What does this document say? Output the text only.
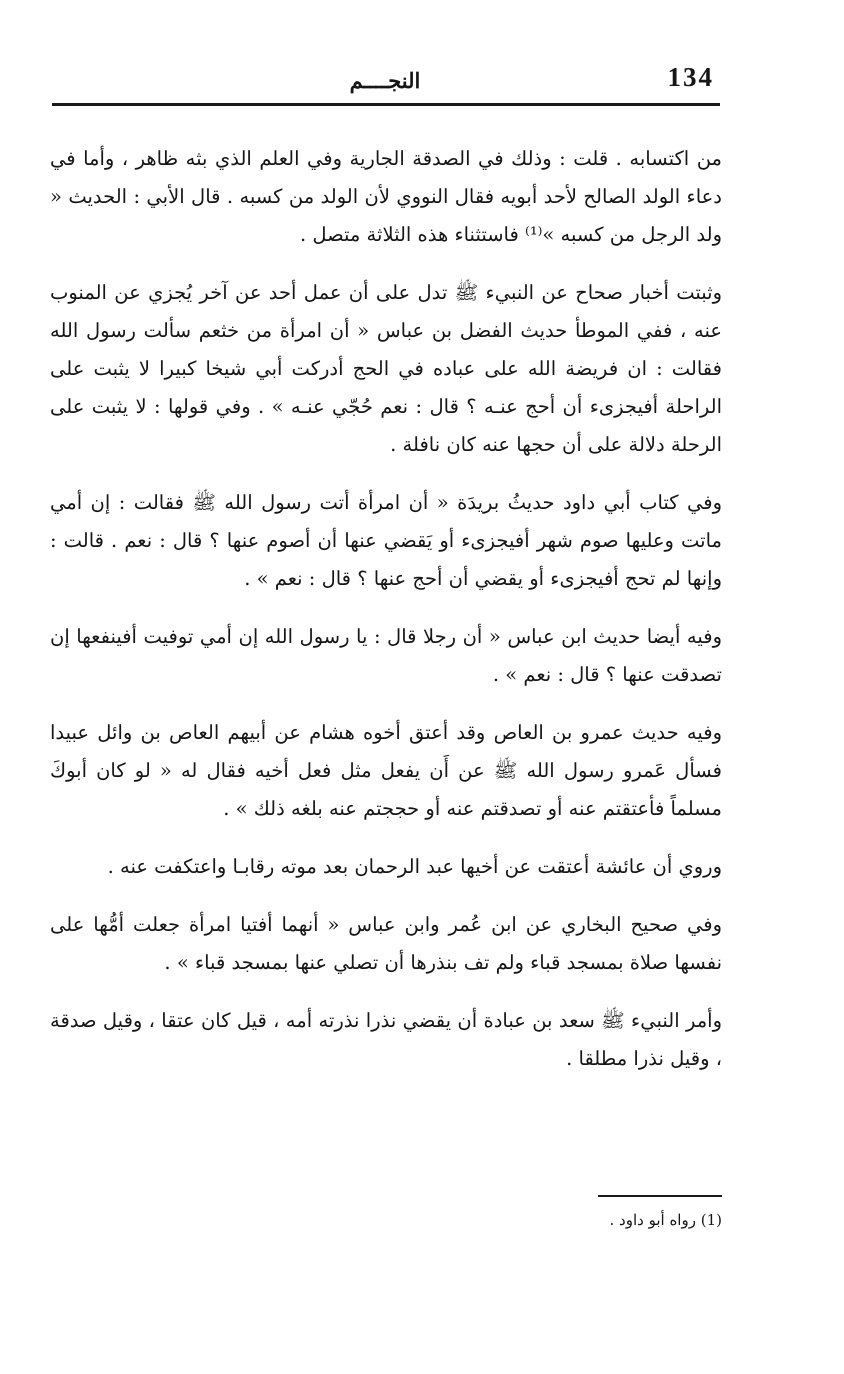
134
النجــــم

من اكتسابه . قلت : وذلك في الصدقة الجارية وفي العلم الذي بثه ظاهر ، وأما في دعاء الولد الصالح لأحد أبويه فقال النووي لأن الولد من كسبه . قال الأبي : الحديث « ولد الرجل من كسبه »⁽¹⁾ فاستثناء هذه الثلاثة متصل .

وثبتت أخبار صحاح عن النبيء ﷺ تدل على أن عمل أحد عن آخر يُجزي عن المنوب عنه ، ففي الموطأ حديث الفضل بن عباس « أن امرأة من خثعم سألت رسول الله فقالت : ان فريضة الله على عباده في الحج أدركت أبي شيخا كبيرا لا يثبت على الراحلة أفيجزىء أن أحج عنـه ؟ قال : نعم حُجّي عنـه » . وفي قولها : لا يثبت على الرحلة دلالة على أن حجها عنه كان نافلة .

وفي كتاب أبي داود حديثُ بريدَة « أن امرأة أتت رسول الله ﷺ فقالت : إن أمي ماتت وعليها صوم شهر أفيجزىء أو يَقضي عنها أن أصوم عنها ؟ قال : نعم . قالت : وإنها لم تحج أفيجزىء أو يقضي أن أحج عنها ؟ قال : نعم » .

وفيه أيضا حديث ابن عباس « أن رجلا قال : يا رسول الله إن أمي توفيت أفينفعها إن تصدقت عنها ؟ قال : نعم » .

وفيه حديث عمرو بن العاص وقد أعتق أخوه هشام عن أبيهم العاص بن وائل عبيدا فسأل عَمرو رسول الله ﷺ عن أَن يفعل مثل فعل أخيه فقال له « لو كان أبوكَ مسلماً فأعتقتم عنه أو تصدقتم عنه أو حججتم عنه بلغه ذلك » .

وروي أن عائشة أعتقت عن أخيها عبد الرحمان بعد موته رقابـا واعتكفت عنه .

وفي صحيح البخاري عن ابن عُمر وابن عباس « أنهما أفتيا امرأة جعلت أمُّها على نفسها صلاة بمسجد قباء ولم تف بنذرها أن تصلي عنها بمسجد قباء » .

وأمر النبيء ﷺ سعد بن عبادة أن يقضي نذرا نذرته أمه ، قيل كان عتقا ، وقيل صدقة ، وقيل نذرا مطلقا .

(1) رواه أبو داود .
